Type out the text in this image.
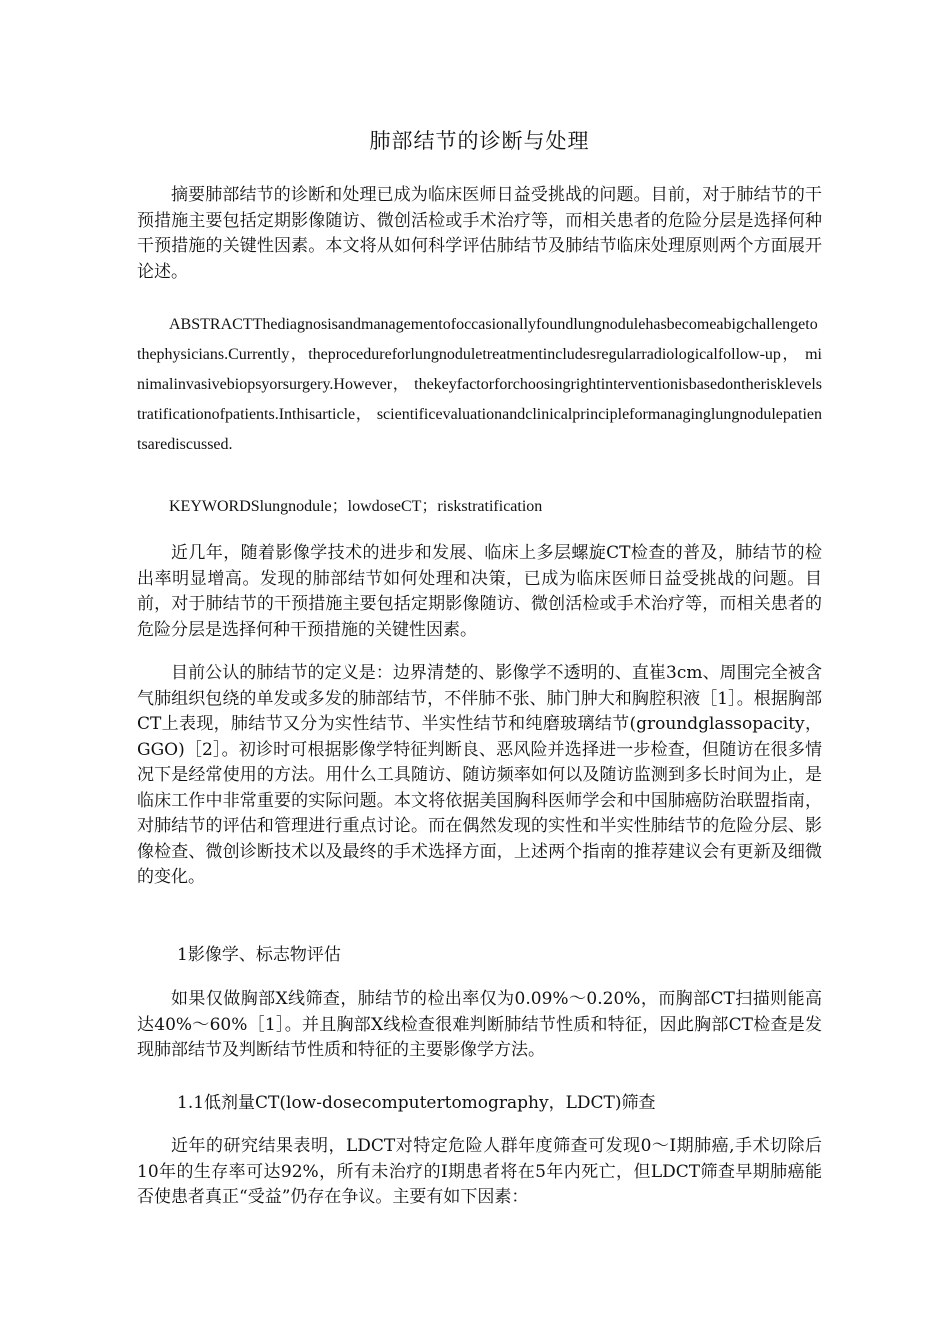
肺部结节的诊断与处理

摘要肺部结节的诊断和处理已成为临床医师日益受挑战的问题。目前，对于肺结节的干预措施主要包括定期影像随访、微创活检或手术治疗等，而相关患者的危险分层是选择何种干预措施的关键性因素。本文将从如何科学评估肺结节及肺结节临床处理原则两个方面展开论述。

ABSTRACTThediagnosisandmanagementofoccasionallyfoundlungnodulehasbecomeabigchallengetothephysicians.Currently，theprocedureforlungnoduletreatmentincludesregularradiologicalfollow-up， minimalinvasivebiopsyorsurgery.However， thekeyfactorforchoosingrightinterventionisbasedontherisklevelstratificationofpatients.Inthisarticle， scientificevaluationandclinicalprincipleformanaginglungnodulepatientsarediscussed.

KEYWORDSlungnodule；lowdoseCT；riskstratification

近几年，随着影像学技术的进步和发展、临床上多层螺旋CT检查的普及，肺结节的检出率明显增高。发现的肺部结节如何处理和决策，已成为临床医师日益受挑战的问题。目前，对于肺结节的干预措施主要包括定期影像随访、微创活检或手术治疗等，而相关患者的危险分层是选择何种干预措施的关键性因素。

目前公认的肺结节的定义是：边界清楚的、影像学不透明的、直崔3cm、周围完全被含气肺组织包绕的单发或多发的肺部结节，不伴肺不张、肺门肿大和胸腔积液［1］。根据胸部CT上表现，肺结节又分为实性结节、半实性结节和纯磨玻璃结节(groundglassopacity，GGO)［2］。初诊时可根据影像学特征判断良、恶风险并选择进一步检查，但随访在很多情况下是经常使用的方法。用什么工具随访、随访频率如何以及随访监测到多长时间为止，是临床工作中非常重要的实际问题。本文将依据美国胸科医师学会和中国肺癌防治联盟指南，对肺结节的评估和管理进行重点讨论。而在偶然发现的实性和半实性肺结节的危险分层、影像检查、微创诊断技术以及最终的手术选择方面，上述两个指南的推荐建议会有更新及细微的变化。

1影像学、标志物评估

如果仅做胸部X线筛查，肺结节的检出率仅为0.09%〜0.20%，而胸部CT扫描则能高达40%〜60%［1］。并且胸部X线检查很难判断肺结节性质和特征，因此胸部CT检查是发现肺部结节及判断结节性质和特征的主要影像学方法。

1.1低剂量CT(low-dosecomputertomography，LDCT)筛查

近年的研究结果表明，LDCT对特定危险人群年度筛查可发现0〜I期肺癌,手术切除后10年的生存率可达92%，所有未治疗的I期患者将在5年内死亡，但LDCT筛查早期肺癌能否使患者真正“受益”仍存在争议。主要有如下因素：
